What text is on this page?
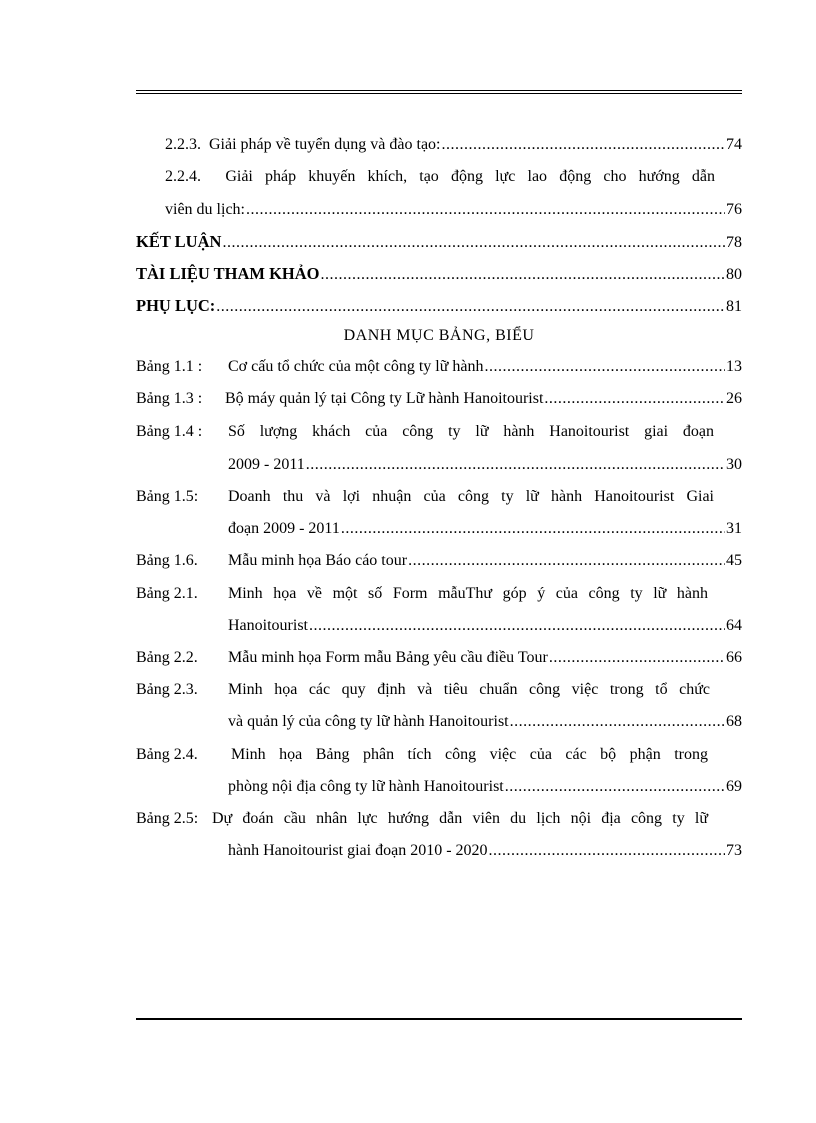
2.2.3. Giải pháp về tuyển dụng và đào tạo: .....	74
2.2.4. Giải pháp khuyến khích, tạo động lực lao động cho hướng dẫn
viên du lịch: .....	76
KẾT LUẬN .....	78
TÀI LIỆU THAM KHẢO .....	80
PHỤ LỤC: .....	81
DANH MỤC BẢNG, BIỂU
Bảng 1.1 : Cơ cấu tổ chức của một công ty lữ hành .....	13
Bảng 1.3 : Bộ máy quản lý tại Công ty Lữ hành Hanoitourist .....	26
Bảng 1.4 : Số lượng khách của công ty lữ hành Hanoitourist giai đoạn
2009 - 2011 .....	30
Bảng 1.5: Doanh thu và lợi nhuận của công ty lữ hành Hanoitourist Giai
đoạn 2009 - 2011 .....	31
Bảng 1.6. Mẫu minh họa Báo cáo tour .....	45
Bảng 2.1. Minh họa về một số Form mẫuThư góp ý của công ty lữ hành
Hanoitourist .....	64
Bảng 2.2. Mẫu minh họa Form mẫu Bảng yêu cầu điều Tour .....	66
Bảng 2.3. Minh họa các quy định và tiêu chuẩn công việc trong tổ chức
và quản lý của công ty lữ hành Hanoitourist .....	68
Bảng 2.4. Minh họa Bảng phân tích công việc của các bộ phận trong
phòng nội địa công ty lữ hành Hanoitourist .....	69
Bảng 2.5: Dự đoán cầu nhân lực hướng dẫn viên du lịch nội địa công ty lữ
hành Hanoitourist giai đoạn 2010 - 2020 .....	73
